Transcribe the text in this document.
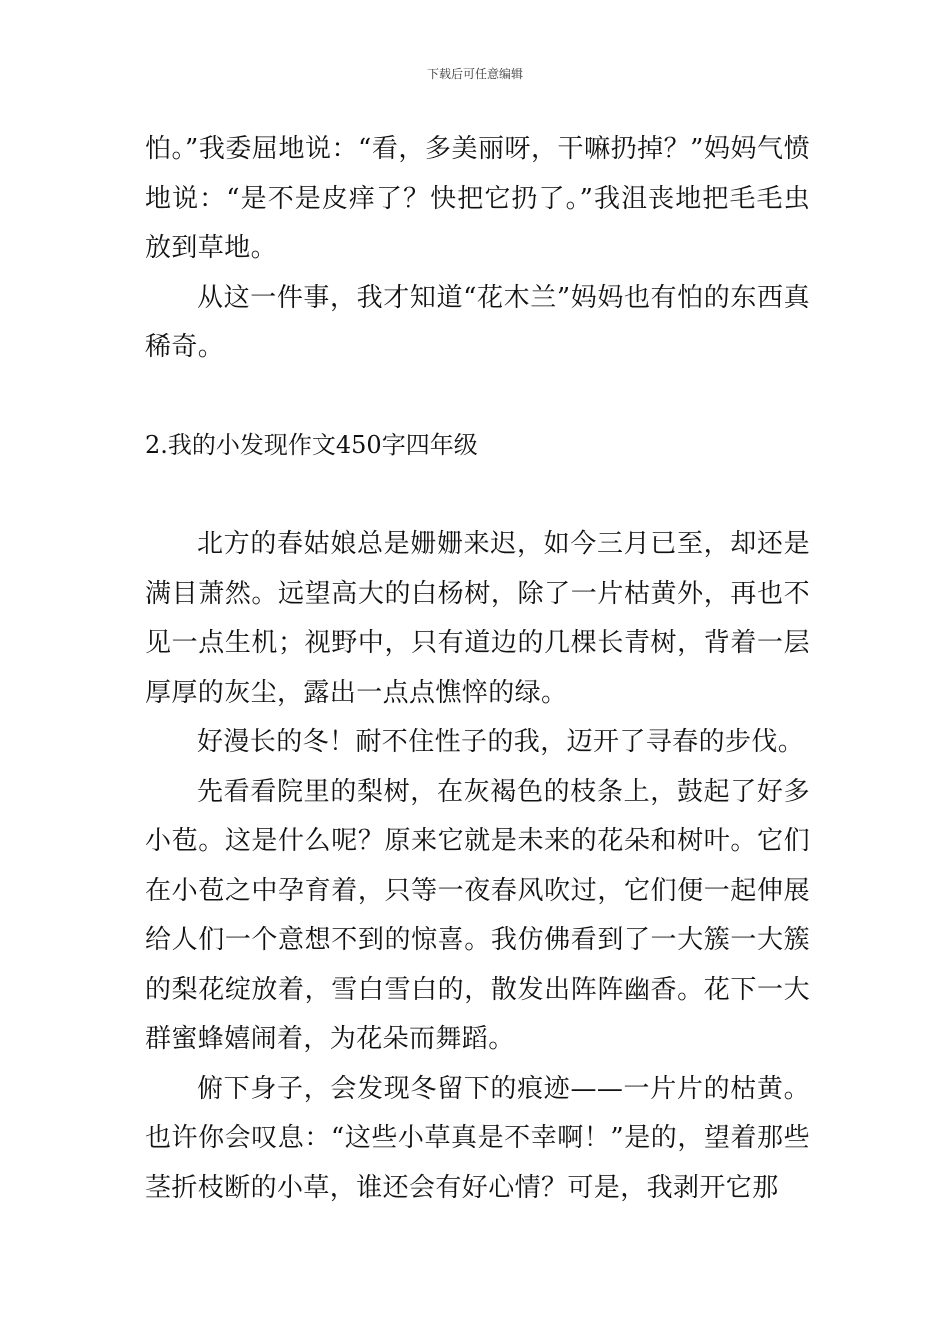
下载后可任意编辑

怕。”我委屈地说：“看，多美丽呀，干嘛扔掉？”妈妈气愤地说：“是不是皮痒了？快把它扔了。”我沮丧地把毛毛虫放到草地。

从这一件事，我才知道“花木兰”妈妈也有怕的东西真稀奇。

2.我的小发现作文450字四年级

北方的春姑娘总是姗姗来迟，如今三月已至，却还是满目萧然。远望高大的白杨树，除了一片枯黄外，再也不见一点生机；视野中，只有道边的几棵长青树，背着一层厚厚的灰尘，露出一点点憔悴的绿。

好漫长的冬！耐不住性子的我，迈开了寻春的步伐。

先看看院里的梨树，在灰褐色的枝条上，鼓起了好多小苞。这是什么呢？原来它就是未来的花朵和树叶。它们在小苞之中孕育着，只等一夜春风吹过，它们便一起伸展给人们一个意想不到的惊喜。我仿佛看到了一大簇一大簇的梨花绽放着，雪白雪白的，散发出阵阵幽香。花下一大群蜜蜂嬉闹着，为花朵而舞蹈。

俯下身子，会发现冬留下的痕迹——一片片的枯黄。也许你会叹息：“这些小草真是不幸啊！”是的，望着那些茎折枝断的小草，谁还会有好心情？可是，我剥开它那
